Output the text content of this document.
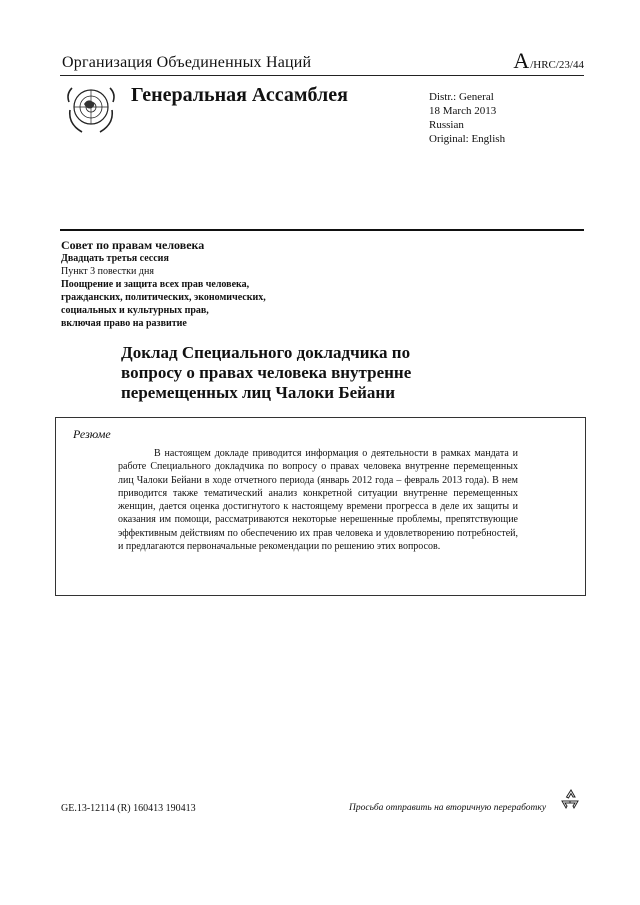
Организация Объединенных Наций	A/HRC/23/44
Генеральная Ассамблея	Distr.: General
18 March 2013
Russian
Original: English
Совет по правам человека
Двадцать третья сессия
Пункт 3 повестки дня
Поощрение и защита всех прав человека,
гражданских, политических, экономических,
социальных и культурных прав,
включая право на развитие
Доклад Специального докладчика по
вопросу о правах человека внутренне
перемещенных лиц Чалоки Бейани
Резюме
В настоящем докладе приводится информация о деятельности в рамках мандата и работе Специального докладчика по вопросу о правах человека внутренне перемещенных лиц Чалоки Бейани в ходе отчетного периода (январь 2012 года – февраль 2013 года). В нем приводится также тематический анализ конкретной ситуации внутренне перемещенных женщин, дается оценка достигнутого к настоящему времени прогресса в деле их защиты и оказания им помощи, рассматриваются некоторые нерешенные проблемы, препятствующие эффективным действиям по обеспечению их прав человека и удовлетворению потребностей, и предлагаются первоначальные рекомендации по решению этих вопросов.
GE.13-12114 (R) 160413 190413	Просьба отправить на вторичную переработку
